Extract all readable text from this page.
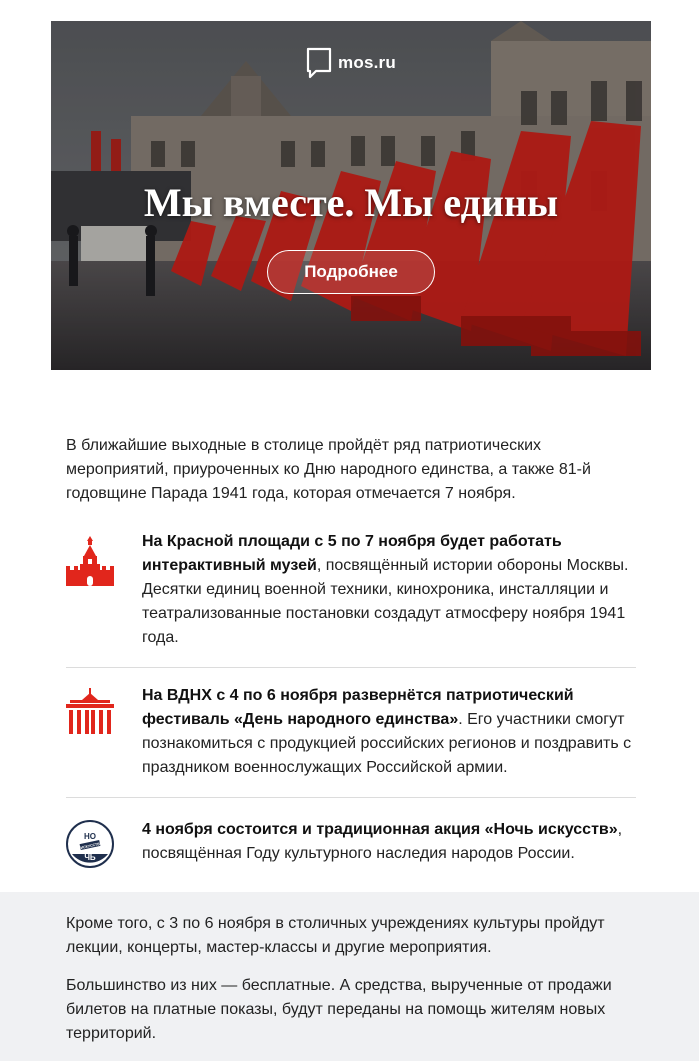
mos.ru
Мы вместе. Мы едины
Подробнее
В ближайшие выходные в столице пройдёт ряд патриотических мероприятий, приуроченных ко Дню народного единства, а также 81-й годовщине Парада 1941 года, которая отмечается 7 ноября.
На Красной площади с 5 по 7 ноября будет работать интерактивный музей, посвящённый истории обороны Москвы. Десятки единиц военной техники, кинохроника, инсталляции и театрализованные постановки создадут атмосферу ноября 1941 года.
На ВДНХ с 4 по 6 ноября развернётся патриотический фестиваль «День народного единства». Его участники смогут познакомиться с продукцией российских регионов и поздравить с праздником военнослужащих Российской армии.
НО
ИСКУССТВ
ЧЬ
4 ноября состоится и традиционная акция «Ночь искусств», посвящённая Году культурного наследия народов России.

Кроме того, с 3 по 6 ноября в столичных учреждениях культуры пройдут лекции, концерты, мастер-классы и другие мероприятия.

Большинство из них — бесплатные. А средства, вырученные от продажи билетов на платные показы, будут переданы на помощь жителям новых территорий.
